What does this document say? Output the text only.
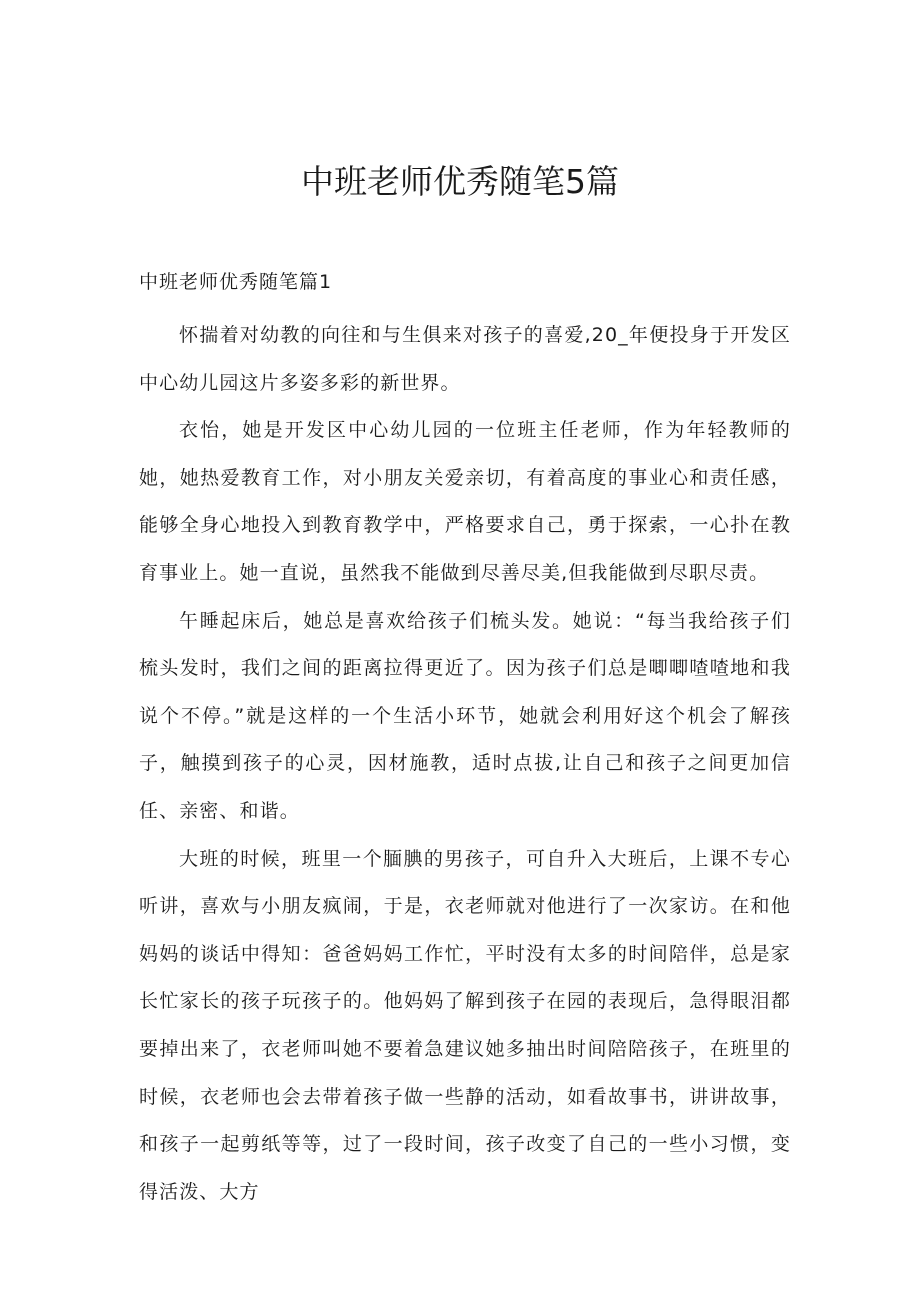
中班老师优秀随笔5篇

中班老师优秀随笔篇1

怀揣着对幼教的向往和与生俱来对孩子的喜爱,20_年便投身于开发区中心幼儿园这片多姿多彩的新世界。

衣怡，她是开发区中心幼儿园的一位班主任老师，作为年轻教师的她，她热爱教育工作，对小朋友关爱亲切，有着高度的事业心和责任感，能够全身心地投入到教育教学中，严格要求自己，勇于探索，一心扑在教育事业上。她一直说，虽然我不能做到尽善尽美,但我能做到尽职尽责。

午睡起床后，她总是喜欢给孩子们梳头发。她说：“每当我给孩子们梳头发时，我们之间的距离拉得更近了。因为孩子们总是唧唧喳喳地和我说个不停。”就是这样的一个生活小环节，她就会利用好这个机会了解孩子，触摸到孩子的心灵，因材施教，适时点拔,让自己和孩子之间更加信任、亲密、和谐。

大班的时候，班里一个腼腆的男孩子，可自升入大班后，上课不专心听讲，喜欢与小朋友疯闹，于是，衣老师就对他进行了一次家访。在和他妈妈的谈话中得知：爸爸妈妈工作忙，平时没有太多的时间陪伴，总是家长忙家长的孩子玩孩子的。他妈妈了解到孩子在园的表现后，急得眼泪都要掉出来了，衣老师叫她不要着急建议她多抽出时间陪陪孩子，在班里的时候，衣老师也会去带着孩子做一些静的活动，如看故事书，讲讲故事，和孩子一起剪纸等等，过了一段时间，孩子改变了自己的一些小习惯，变得活泼、大方
